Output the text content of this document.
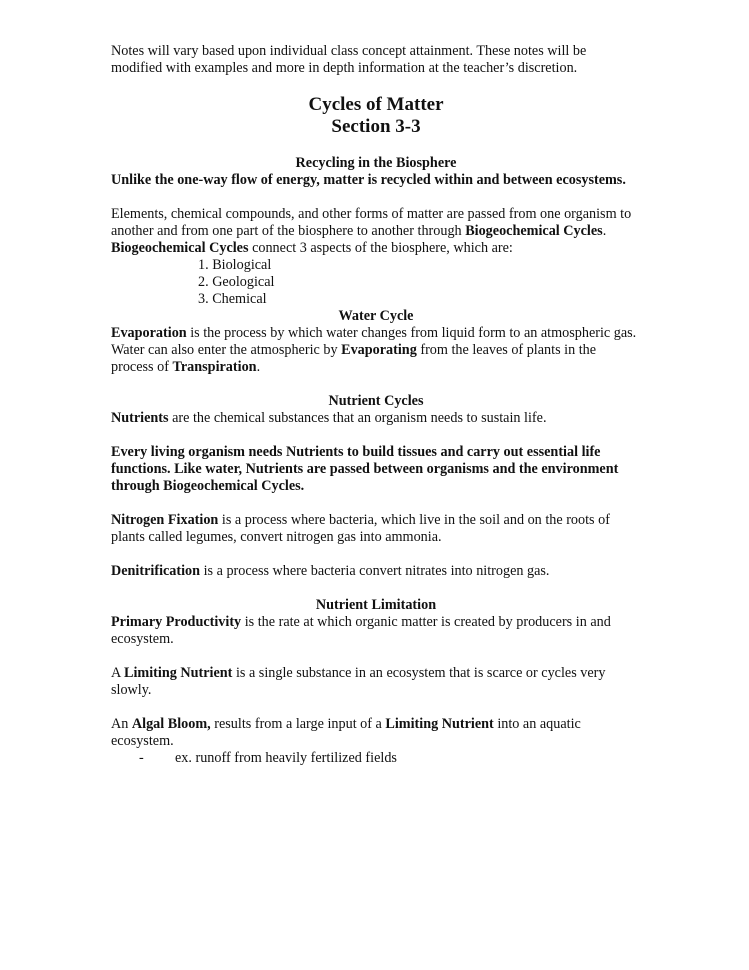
Notes will vary based upon individual class concept attainment. These notes will be modified with examples and more in depth information at the teacher’s discretion.

Cycles of Matter

Section 3-3

Recycling in the Biosphere

Unlike the one-way flow of energy, matter is recycled within and between ecosystems.

Elements, chemical compounds, and other forms of matter are passed from one organism to another and from one part of the biosphere to another through Biogeochemical Cycles.

Biogeochemical Cycles connect 3 aspects of the biosphere, which are:

1. Biological
2. Geological
3. Chemical

Water Cycle

Evaporation is the process by which water changes from liquid form to an atmospheric gas.

Water can also enter the atmospheric by Evaporating from the leaves of plants in the process of Transpiration.

Nutrient Cycles

Nutrients are the chemical substances that an organism needs to sustain life.

Every living organism needs Nutrients to build tissues and carry out essential life functions. Like water, Nutrients are passed between organisms and the environment through Biogeochemical Cycles.

Nitrogen Fixation is a process where bacteria, which live in the soil and on the roots of plants called legumes, convert nitrogen gas into ammonia.

Denitrification is a process where bacteria convert nitrates into nitrogen gas.

Nutrient Limitation

Primary Productivity is the rate at which organic matter is created by producers in and ecosystem.

A Limiting Nutrient is a single substance in an ecosystem that is scarce or cycles very slowly.

An Algal Bloom, results from a large input of a Limiting Nutrient into an aquatic ecosystem.

- ex. runoff from heavily fertilized fields
